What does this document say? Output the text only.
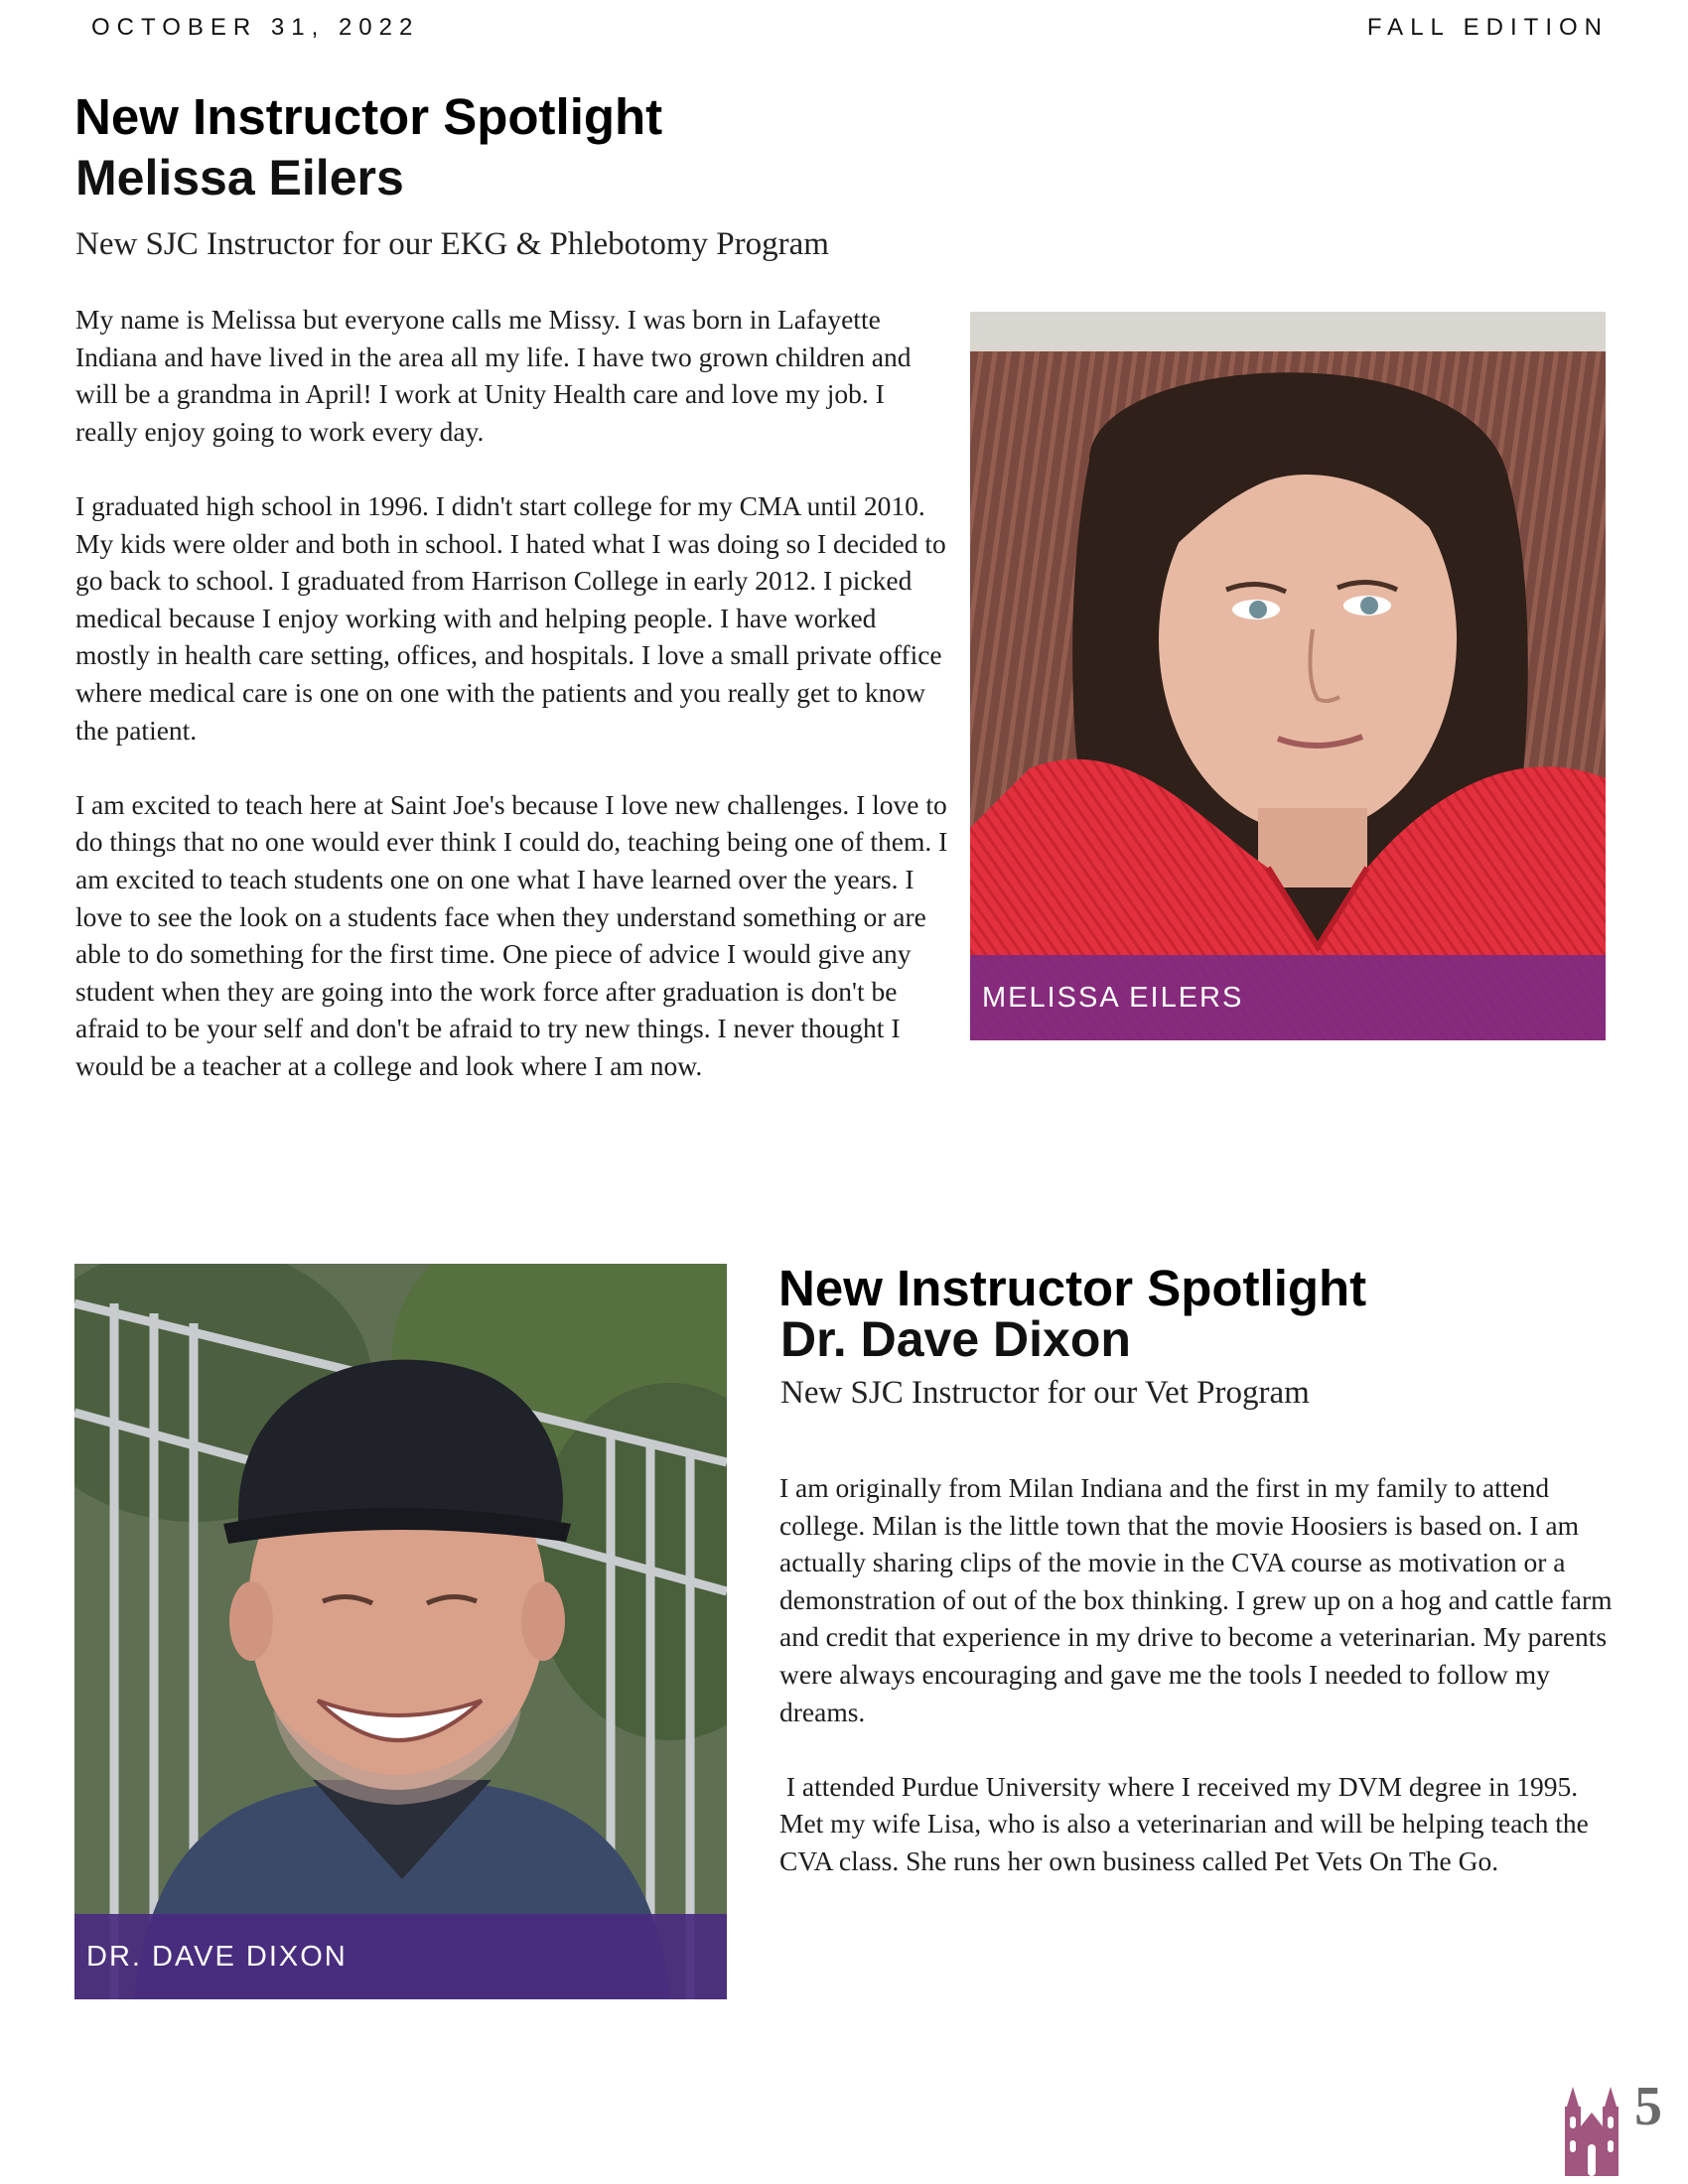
OCTOBER 31, 2022	FALL EDITION
New Instructor Spotlight
Melissa Eilers
New SJC Instructor for our EKG & Phlebotomy Program

My name is Melissa but everyone calls me Missy. I was born in Lafayette Indiana and have lived in the area all my life. I have two grown children and will be a grandma in April! I work at Unity Health care and love my job. I really enjoy going to work every day.

I graduated high school in 1996. I didn't start college for my CMA until 2010. My kids were older and both in school. I hated what I was doing so I decided to go back to school. I graduated from Harrison College in early 2012. I picked medical because I enjoy working with and helping people. I have worked mostly in health care setting, offices, and hospitals. I love a small private office where medical care is one on one with the patients and you really get to know the patient.

I am excited to teach here at Saint Joe's because I love new challenges. I love to do things that no one would ever think I could do, teaching being one of them. I am excited to teach students one on one what I have learned over the years. I love to see the look on a students face when they understand something or are able to do something for the first time. One piece of advice I would give any student when they are going into the work force after graduation is don't be afraid to be your self and don't be afraid to try new things. I never thought I would be a teacher at a college and look where I am now.

MELISSA EILERS
DR. DAVE DIXON
New Instructor Spotlight
Dr. Dave Dixon
New SJC Instructor for our Vet Program

I am originally from Milan Indiana and the first in my family to attend college. Milan is the little town that the movie Hoosiers is based on. I am actually sharing clips of the movie in the CVA course as motivation or a demonstration of out of the box thinking. I grew up on a hog and cattle farm and credit that experience in my drive to become a veterinarian. My parents were always encouraging and gave me the tools I needed to follow my dreams.

I attended Purdue University where I received my DVM degree in 1995. Met my wife Lisa, who is also a veterinarian and will be helping teach the CVA class. She runs her own business called Pet Vets On The Go.

5
